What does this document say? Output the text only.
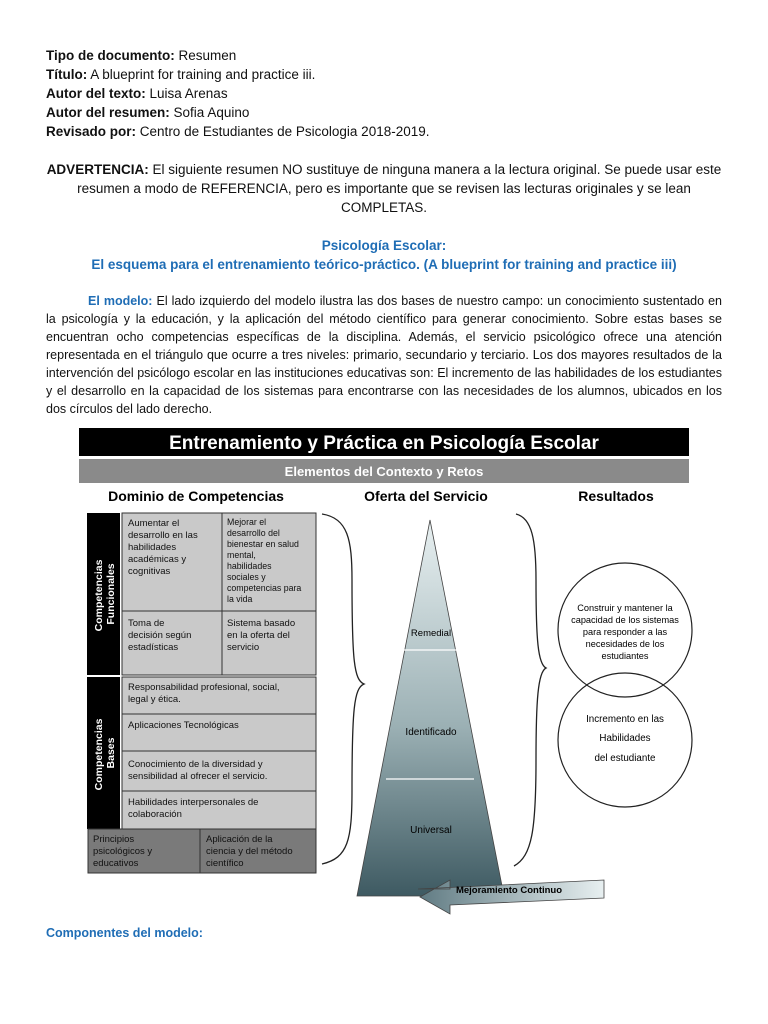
Tipo de documento: Resumen
Título: A blueprint for training and practice iii.
Autor del texto: Luisa Arenas
Autor del resumen: Sofia Aquino
Revisado por: Centro de Estudiantes de Psicologia 2018-2019.
ADVERTENCIA: El siguiente resumen NO sustituye de ninguna manera a la lectura original. Se puede usar este resumen a modo de REFERENCIA, pero es importante que se revisen las lecturas originales y se lean COMPLETAS.
Psicología Escolar:
El esquema para el entrenamiento teórico-práctico. (A blueprint for training and practice iii)
El modelo: El lado izquierdo del modelo ilustra las dos bases de nuestro campo: un conocimiento sustentado en la psicología y la educación, y la aplicación del método científico para generar conocimiento. Sobre estas bases se encuentran ocho competencias específicas de la disciplina. Además, el servicio psicológico ofrece una atención representada en el triángulo que ocurre a tres niveles: primario, secundario y terciario. Los dos mayores resultados de la intervención del psicólogo escolar en las instituciones educativas son: El incremento de las habilidades de los estudiantes y el desarrollo en la capacidad de los sistemas para encontrarse con las necesidades de los alumnos, ubicados en los dos círculos del lado derecho.
Entrenamiento y Práctica en Psicología Escolar
Elementos del Contexto y Retos
Dominio de Competencias	Oferta del Servicio	Resultados
Competencias Funcionales
Competencias Bases
Aumentar el desarrollo en las habilidades académicas y cognitivas
Mejorar el desarrollo del bienestar en salud mental, habilidades sociales y competencias para la vida
Toma de decisión según estadísticas
Sistema basado en la oferta del servicio
Responsabilidad profesional, social, legal y ética.
Aplicaciones Tecnológicas
Conocimiento de la diversidad y sensibilidad al ofrecer el servicio.
Habilidades interpersonales de colaboración
Principios psicológicos y educativos
Aplicación de la ciencia y del método científico
Remedial
Identificado
Universal
Construir y mantener la capacidad de los sistemas para responder a las necesidades de los estudiantes
Incremento en las Habilidades del estudiante
Mejoramiento Continuo
Componentes del modelo:
